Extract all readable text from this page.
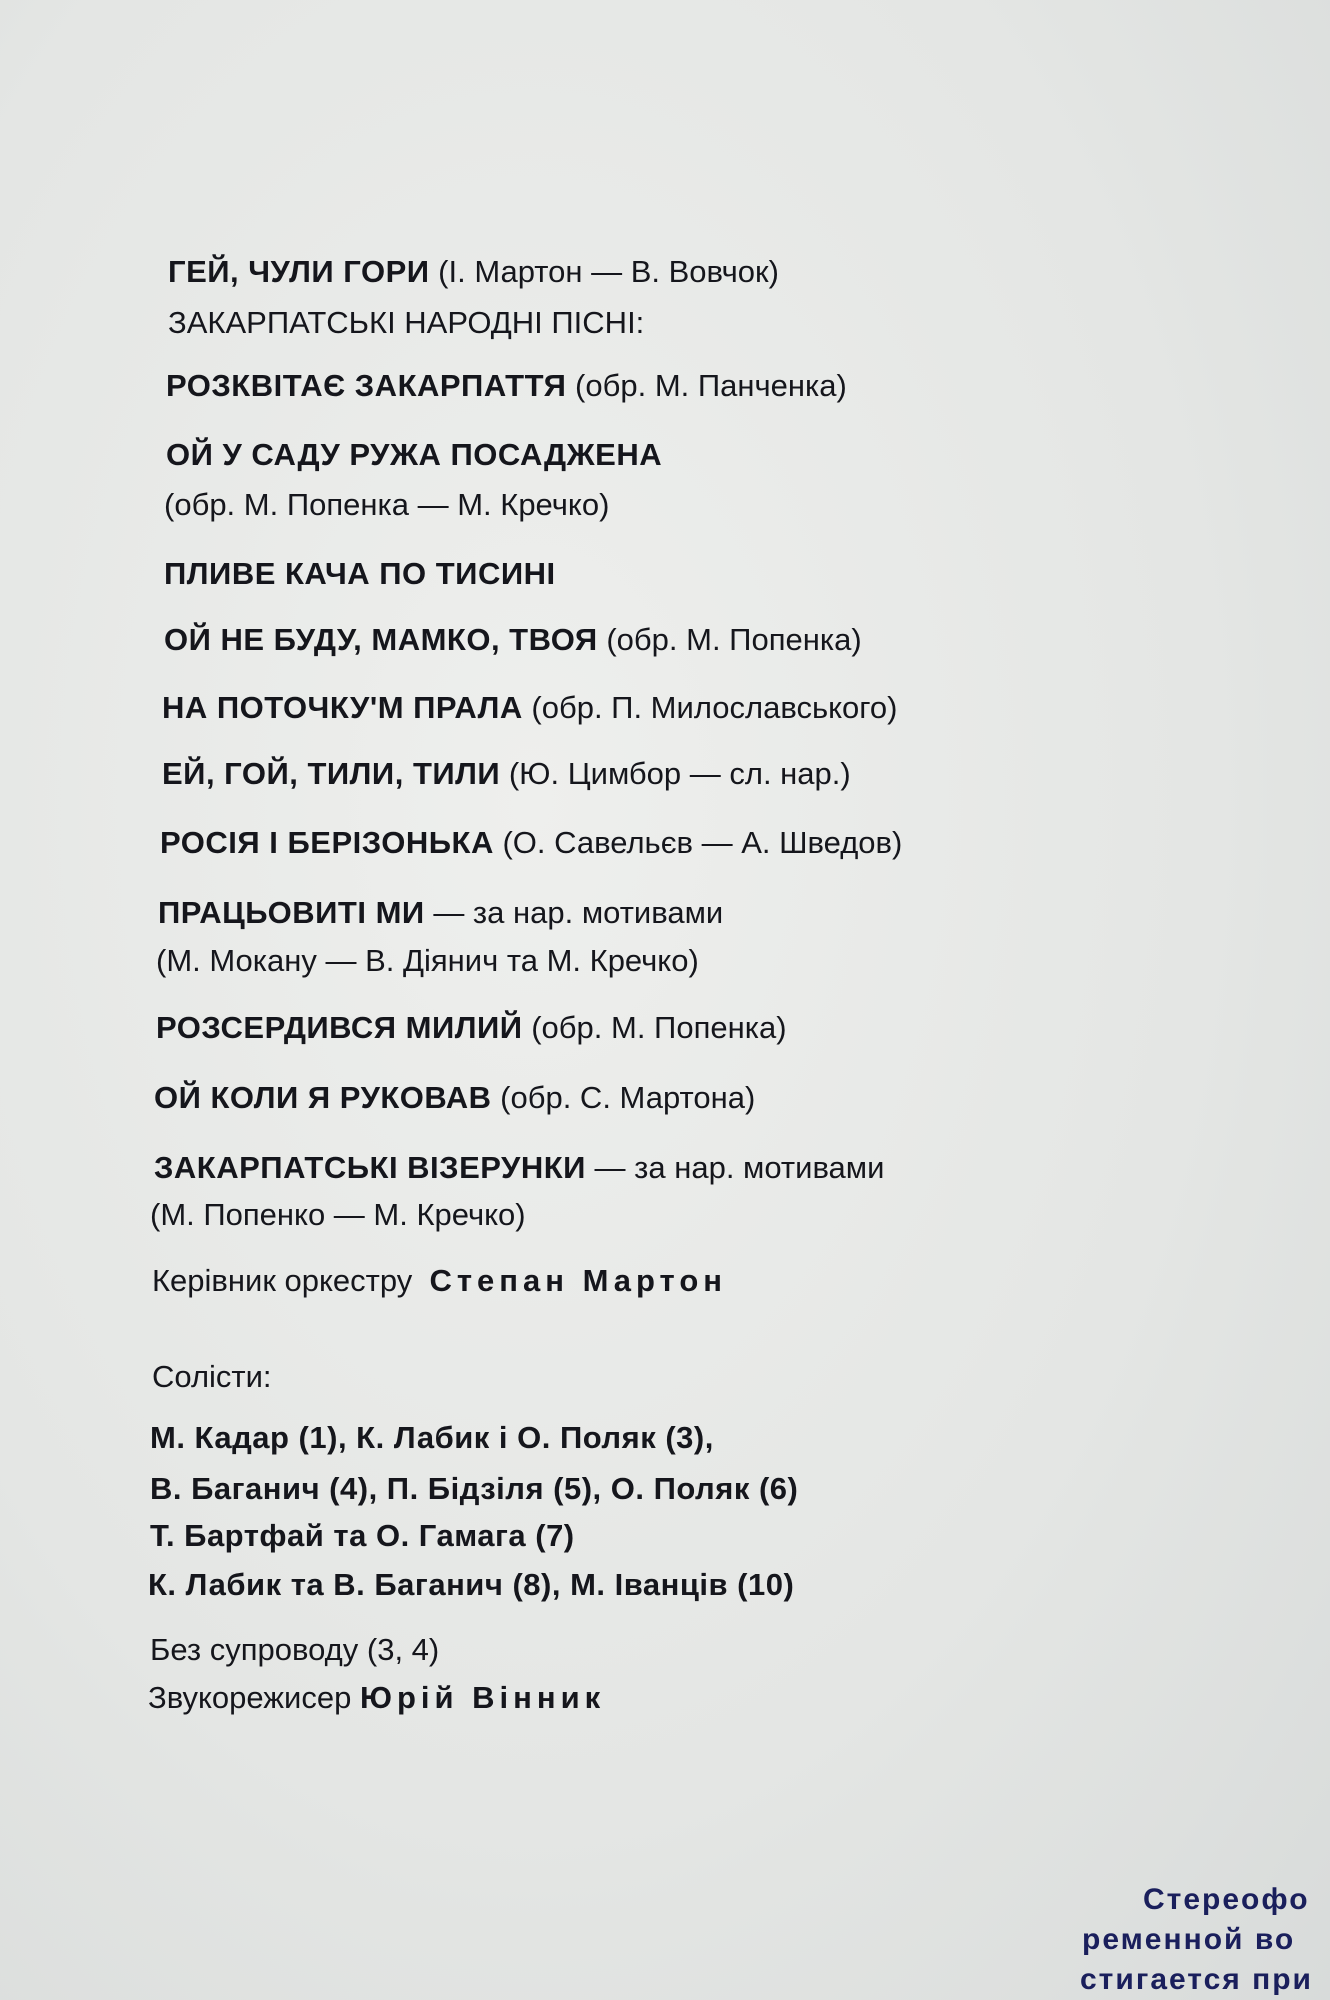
ГЕЙ, ЧУЛИ ГОРИ (І. Мартон — В. Вовчок)
ЗАКАРПАТСЬКІ НАРОДНІ ПІСНІ:
РОЗКВІТАЄ ЗАКАРПАТТЯ (обр. М. Панченка)
ОЙ У САДУ РУЖА ПОСАДЖЕНА
(обр. М. Попенка — М. Кречко)
ПЛИВЕ КАЧА ПО ТИСИНІ
ОЙ НЕ БУДУ, МАМКО, ТВОЯ (обр. М. Попенка)
НА ПОТОЧКУ'М ПРАЛА (обр. П. Милославського)
ЕЙ, ГОЙ, ТИЛИ, ТИЛИ (Ю. Цимбор — сл. нар.)
РОСІЯ І БЕРІЗОНЬКА (О. Савельєв — А. Шведов)
ПРАЦЬОВИТІ МИ — за нар. мотивами
(М. Мокану — В. Діянич та М. Кречко)
РОЗСЕРДИВСЯ МИЛИЙ (обр. М. Попенка)
ОЙ КОЛИ Я РУКОВАВ (обр. С. Мартона)
ЗАКАРПАТСЬКІ ВІЗЕРУНКИ — за нар. мотивами
(М. Попенко — М. Кречко)
Керівник оркестру Степан Мартон
Солісти:
М. Кадар (1), К. Лабик і О. Поляк (3),
В. Баганич (4), П. Бідзіля (5), О. Поляк (6)
Т. Бартфай та О. Гамага (7)
К. Лабик та В. Баганич (8), М. Іванців (10)
Без супроводу (3, 4)
Звукорежисер Юрій Вінник
Стереофо
ременной во
стигается при
